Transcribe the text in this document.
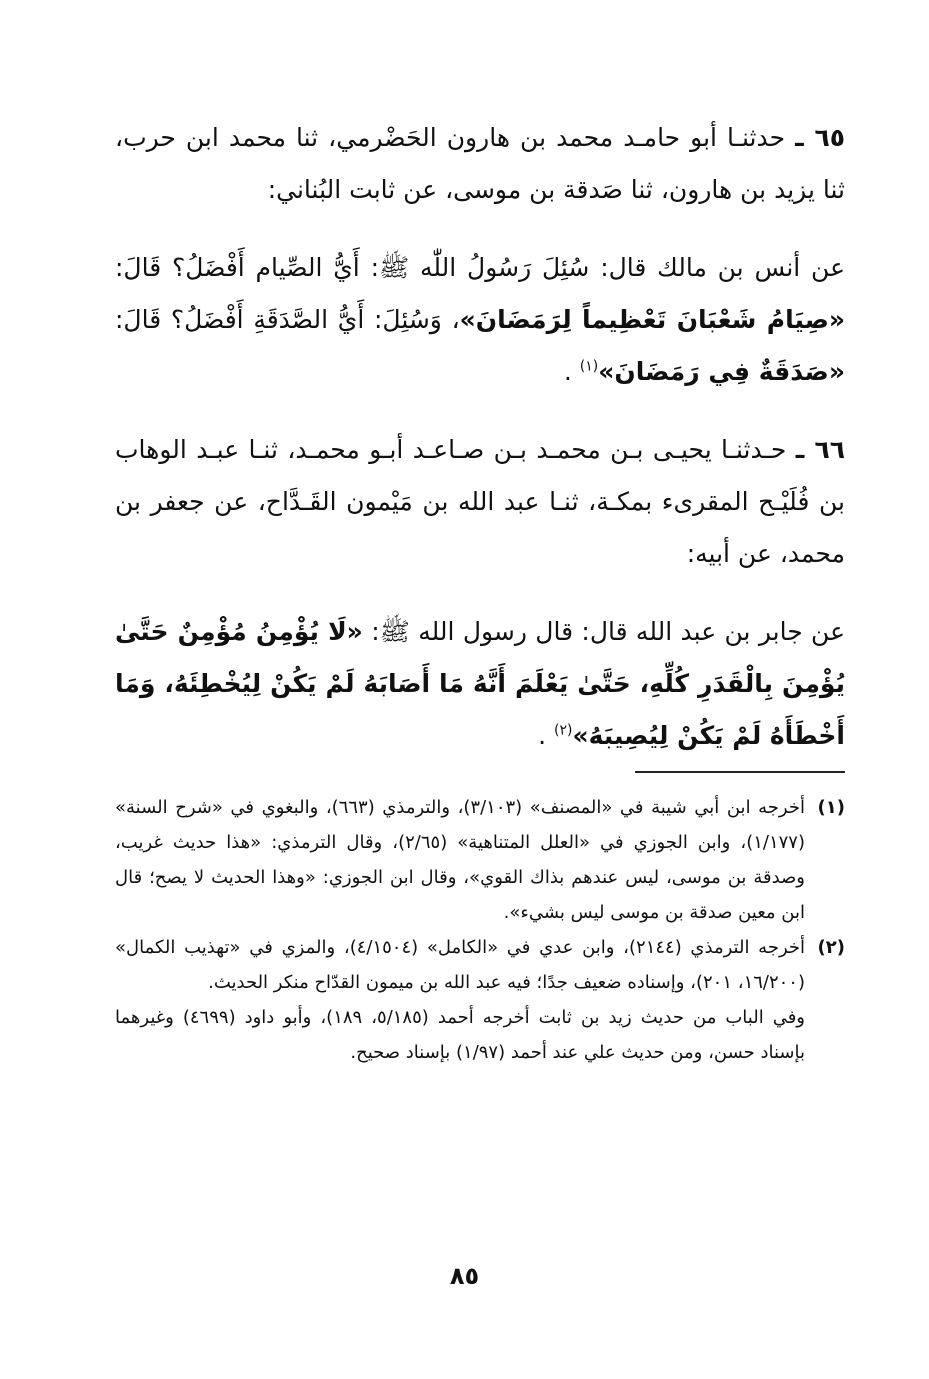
٦٥ ـ حدثنـا أبو حامـد محمد بن هارون الحَضْرمي، ثنا محمد ابن حرب، ثنا يزيد بن هارون، ثنا صَدقة بن موسى، عن ثابت البُناني:

عن أنس بن مالك قال: سُئِلَ رَسُولُ اللّٰه ﷺ: أَيُّ الصِّيام أَفْضَلُ؟ قَالَ: «صِيَامُ شَعْبَانَ تَعْظِيماً لِرَمَضَانَ»، وَسُئِلَ: أَيُّ الصَّدَقَةِ أَفْضَلُ؟ قَالَ: «صَدَقَةٌ فِي رَمَضَانَ»$^{(١)}$ .

٦٦ ـ حـدثنـا يحيـى بـن محمـد بـن صـاعـد أبـو محمـد، ثنـا عبـد الوهاب بن فُلَيْـح المقرىء بمكـة، ثنـا عبد الله بن مَيْمون القَـدَّاح، عن جعفر بن محمد، عن أبيه:

عن جابر بن عبد الله قال: قال رسول الله ﷺ: «لَا يُؤْمِنُ مُؤْمِنٌ حَتَّىٰ يُؤْمِنَ بِالْقَدَرِ كُلِّهِ، حَتَّىٰ يَعْلَمَ أَنَّهُ مَا أَصَابَهُ لَمْ يَكُنْ لِيُخْطِئَهُ، وَمَا أَخْطَأَهُ لَمْ يَكُنْ لِيُصِيبَهُ»$^{(٢)}$ .

(١)
أخرجه ابن أبي شيبة في «المصنف» (٣/١٠٣)، والترمذي (٦٦٣)، والبغوي في «شرح السنة» (١/١٧٧)، وابن الجوزي في «العلل المتناهية» (٢/٦٥)، وقال الترمذي: «هذا حديث غريب، وصدقة بن موسى، ليس عندهم بذاك القوي»، وقال ابن الجوزي: «وهذا الحديث لا يصح؛ قال ابن معين صدقة بن موسى ليس بشيء».
(٢)
أخرجه الترمذي (٢١٤٤)، وابن عدي في «الكامل» (٤/١٥٠٤)، والمزي في «تهذيب الكمال» (١٦/٢٠٠، ٢٠١)، وإسناده ضعيف جدًا؛ فيه عبد الله بن ميمون القدّاح منكر الحديث.

وفي الباب من حديث زيد بن ثابت أخرجه أحمد (٥/١٨٥، ١٨٩)، وأبو داود (٤٦٩٩) وغيرهما بإسناد حسن، ومن حديث علي عند أحمد (١/٩٧) بإسناد صحيح.

٨٥
